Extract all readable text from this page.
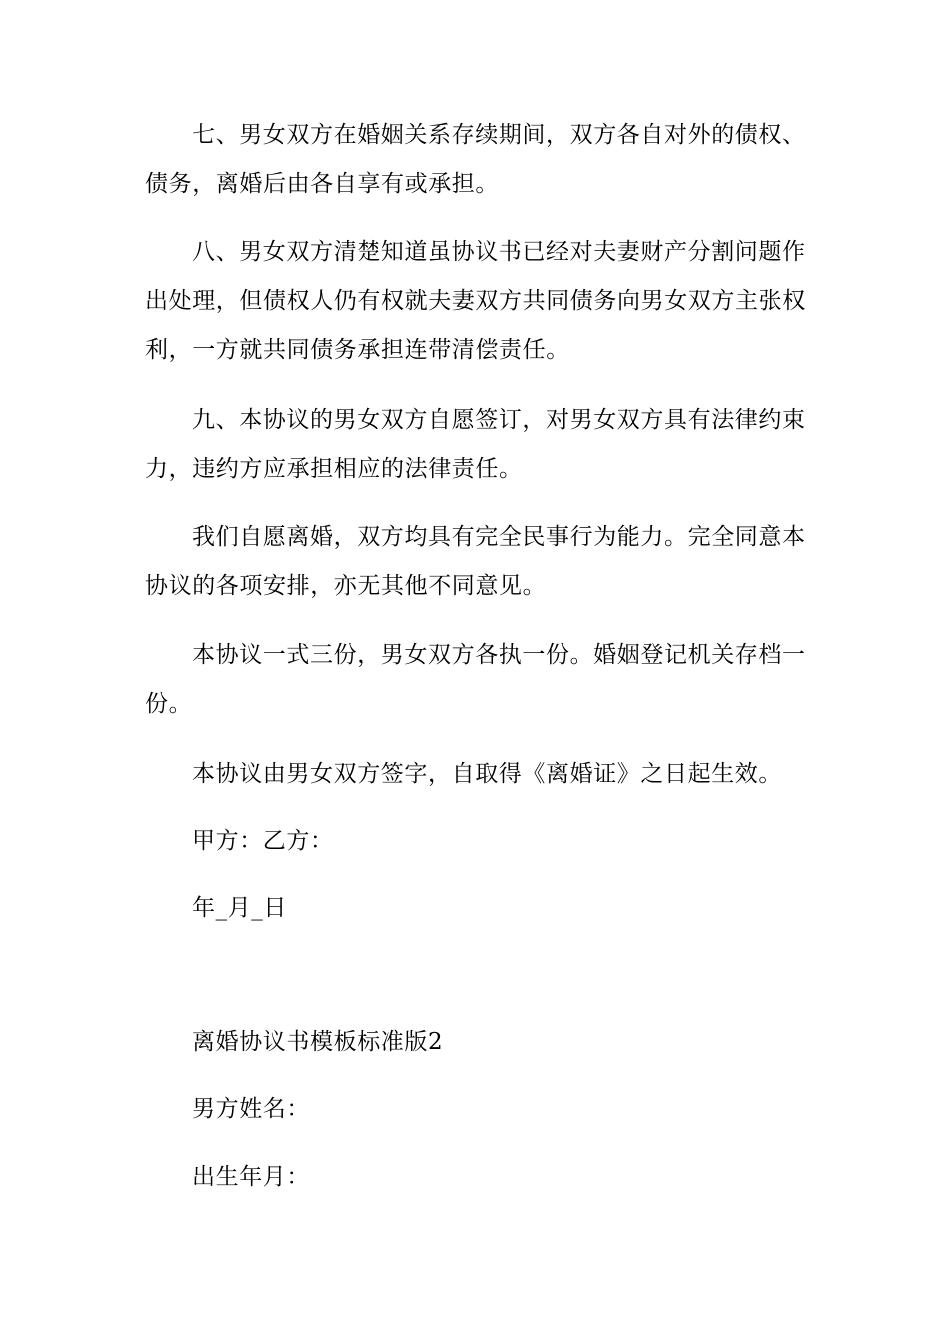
七、男女双方在婚姻关系存续期间，双方各自对外的债权、债务，离婚后由各自享有或承担。

八、男女双方清楚知道虽协议书已经对夫妻财产分割问题作出处理，但债权人仍有权就夫妻双方共同债务向男女双方主张权利，一方就共同债务承担连带清偿责任。

九、本协议的男女双方自愿签订，对男女双方具有法律约束力，违约方应承担相应的法律责任。

我们自愿离婚，双方均具有完全民事行为能力。完全同意本协议的各项安排，亦无其他不同意见。

本协议一式三份，男女双方各执一份。婚姻登记机关存档一份。

本协议由男女双方签字，自取得《离婚证》之日起生效。

甲方：乙方：

年_月_日

离婚协议书模板标准版2

男方姓名：

出生年月：
